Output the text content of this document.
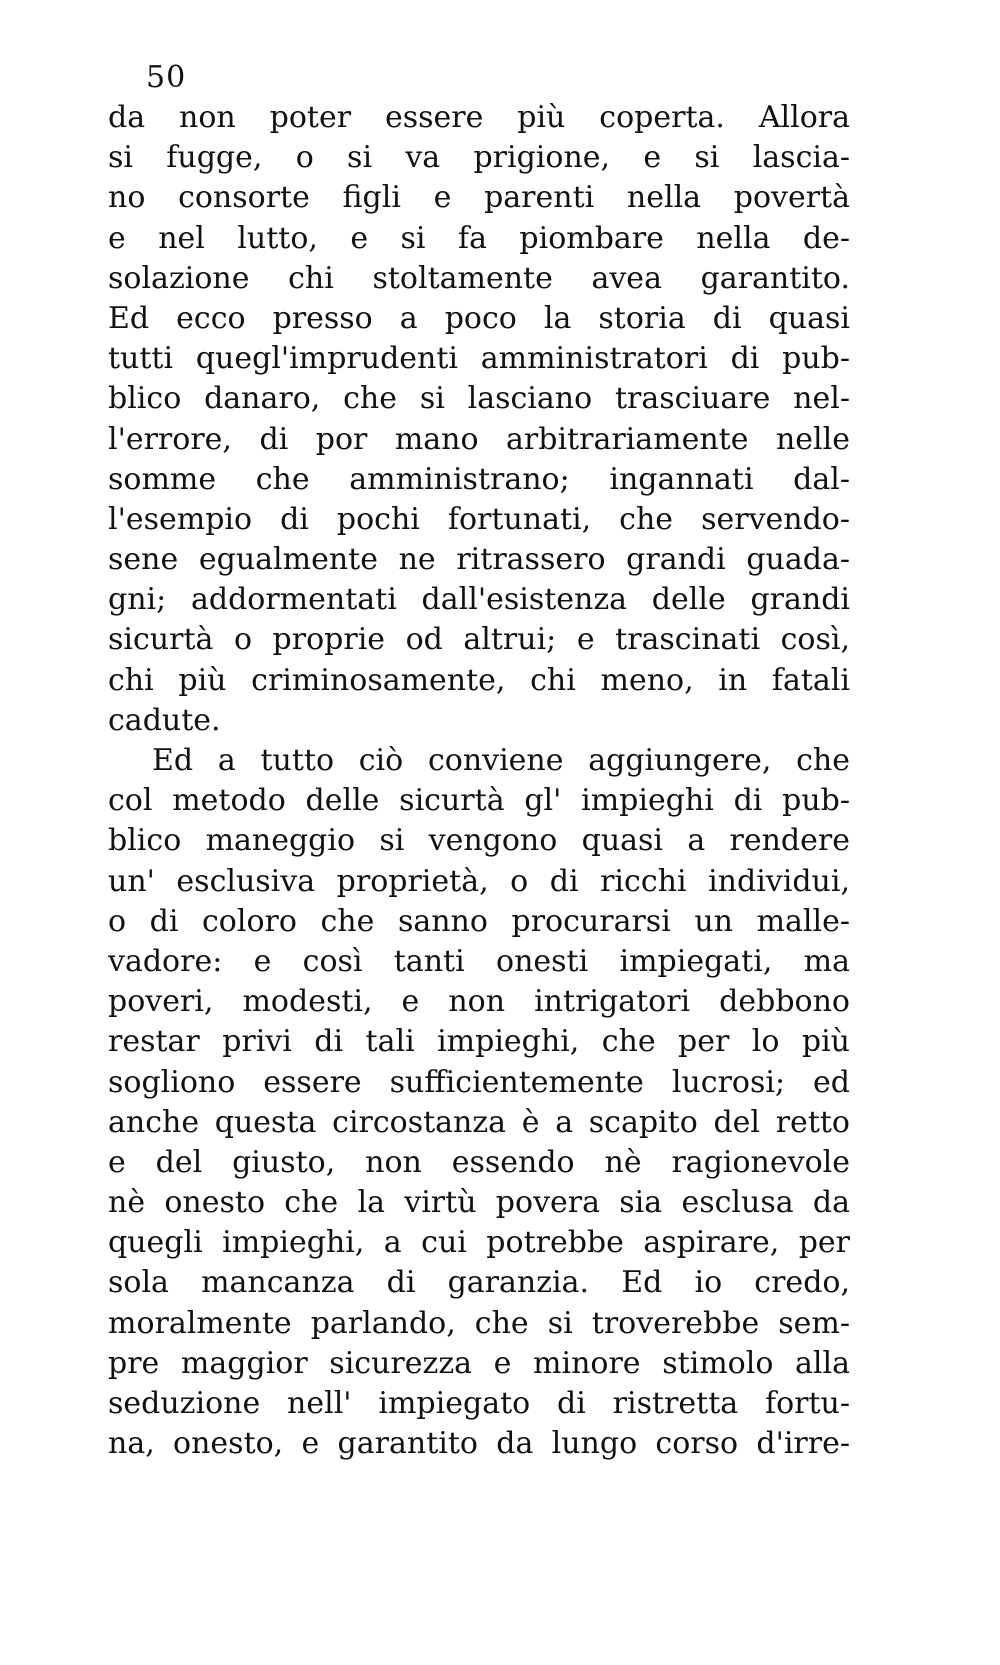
50
da non poter essere più coperta. Allora
si fugge, o si va prigione, e si lascia-
no consorte figli e parenti nella povertà
e nel lutto, e si fa piombare nella de-
solazione chi stoltamente avea garantito.
Ed ecco presso a poco la storia di quasi
tutti quegl'imprudenti amministratori di pub-
blico danaro, che si lasciano trasciuare nel-
l'errore, di por mano arbitrariamente nelle
somme che amministrano; ingannati dal-
l'esempio di pochi fortunati, che servendo-
sene egualmente ne ritrassero grandi guada-
gni; addormentati dall'esistenza delle grandi
sicurtà o proprie od altrui; e trascinati così,
chi più criminosamente, chi meno, in fatali
cadute.
Ed a tutto ciò conviene aggiungere, che
col metodo delle sicurtà gl' impieghi di pub-
blico maneggio si vengono quasi a rendere
un' esclusiva proprietà, o di ricchi individui,
o di coloro che sanno procurarsi un malle-
vadore: e così tanti onesti impiegati, ma
poveri, modesti, e non intrigatori debbono
restar privi di tali impieghi, che per lo più
sogliono essere sufficientemente lucrosi; ed
anche questa circostanza è a scapito del retto
e del giusto, non essendo nè ragionevole
nè onesto che la virtù povera sia esclusa da
quegli impieghi, a cui potrebbe aspirare, per
sola mancanza di garanzia. Ed io credo,
moralmente parlando, che si troverebbe sem-
pre maggior sicurezza e minore stimolo alla
seduzione nell' impiegato di ristretta fortu-
na, onesto, e garantito da lungo corso d'irre-
